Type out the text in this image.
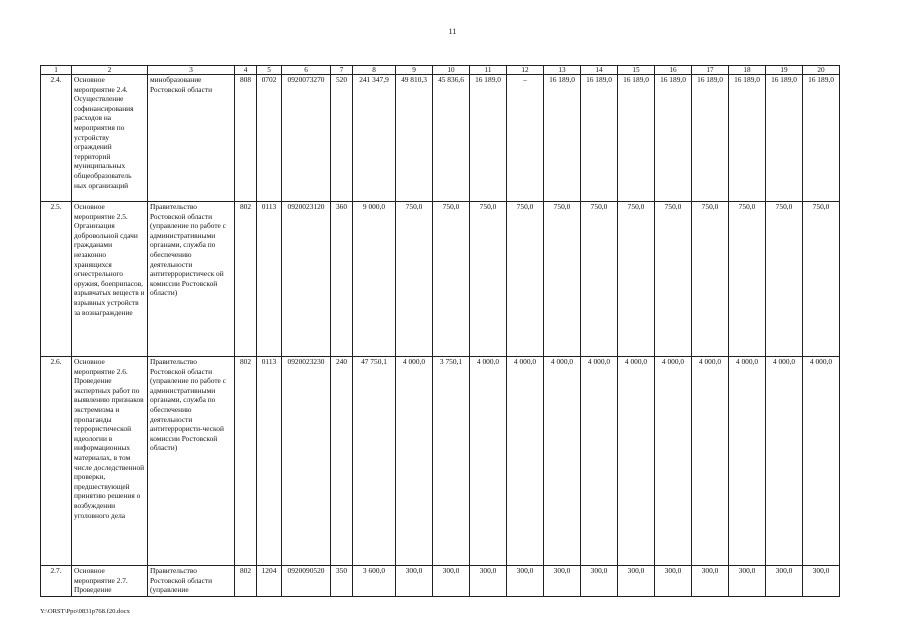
11
1	2	3	4	5	6	7	8	9	10	11	12	13	14	15	16	17	18	19	20
2.4.	Основное мероприятие 2.4. Осуществление софинансирования расходов на мероприятия по устройству ограждений территорий муниципальных общеобразователь ных организаций	минобразование Ростовской области	808	0702	0920073270	520	241 347,9	49 810,3	45 836,6	16 189,0	–	16 189,0	16 189,0	16 189,0	16 189,0	16 189,0	16 189,0	16 189,0	16 189,0
2.5.	Основное мероприятие 2.5. Организация добровольной сдачи гражданами незаконно хранящихся огнестрельного оружия, боеприпасов, взрывчатых веществ и взрывных устройств за вознаграждение	Правительство Ростовской области (управление по работе с административными органами, служба по обеспечению деятельности антитеррористическ ой комиссии Ростовской области)	802	0113	0920023120	360	9 000,0	750,0	750,0	750,0	750,0	750,0	750,0	750,0	750,0	750,0	750,0	750,0	750,0
2.6.	Основное мероприятие 2.6. Проведение экспертных работ по выявлению признаков экстремизма и пропаганды террористической идеологии в информационных материалах, в том числе доследственной проверки, предшествующей принятию решения о возбуждении уголовного дела	Правительство Ростовской области (управление по работе с административными органами, служба по обеспечению деятельности антитеррористи-ческой комиссии Ростовской области)	802	0113	0920023230	240	47 750,1	4 000,0	3 750,1	4 000,0	4 000,0	4 000,0	4 000,0	4 000,0	4 000,0	4 000,0	4 000,0	4 000,0	4 000,0
2.7.	Основное мероприятие 2.7. Проведение	Правительство Ростовской области (управление	802	1204	0920090520	350	3 600,0	300,0	300,0	300,0	300,0	300,0	300,0	300,0	300,0	300,0	300,0	300,0	300,0
Y:\ORST\Ppo\0831p768.f20.docx
